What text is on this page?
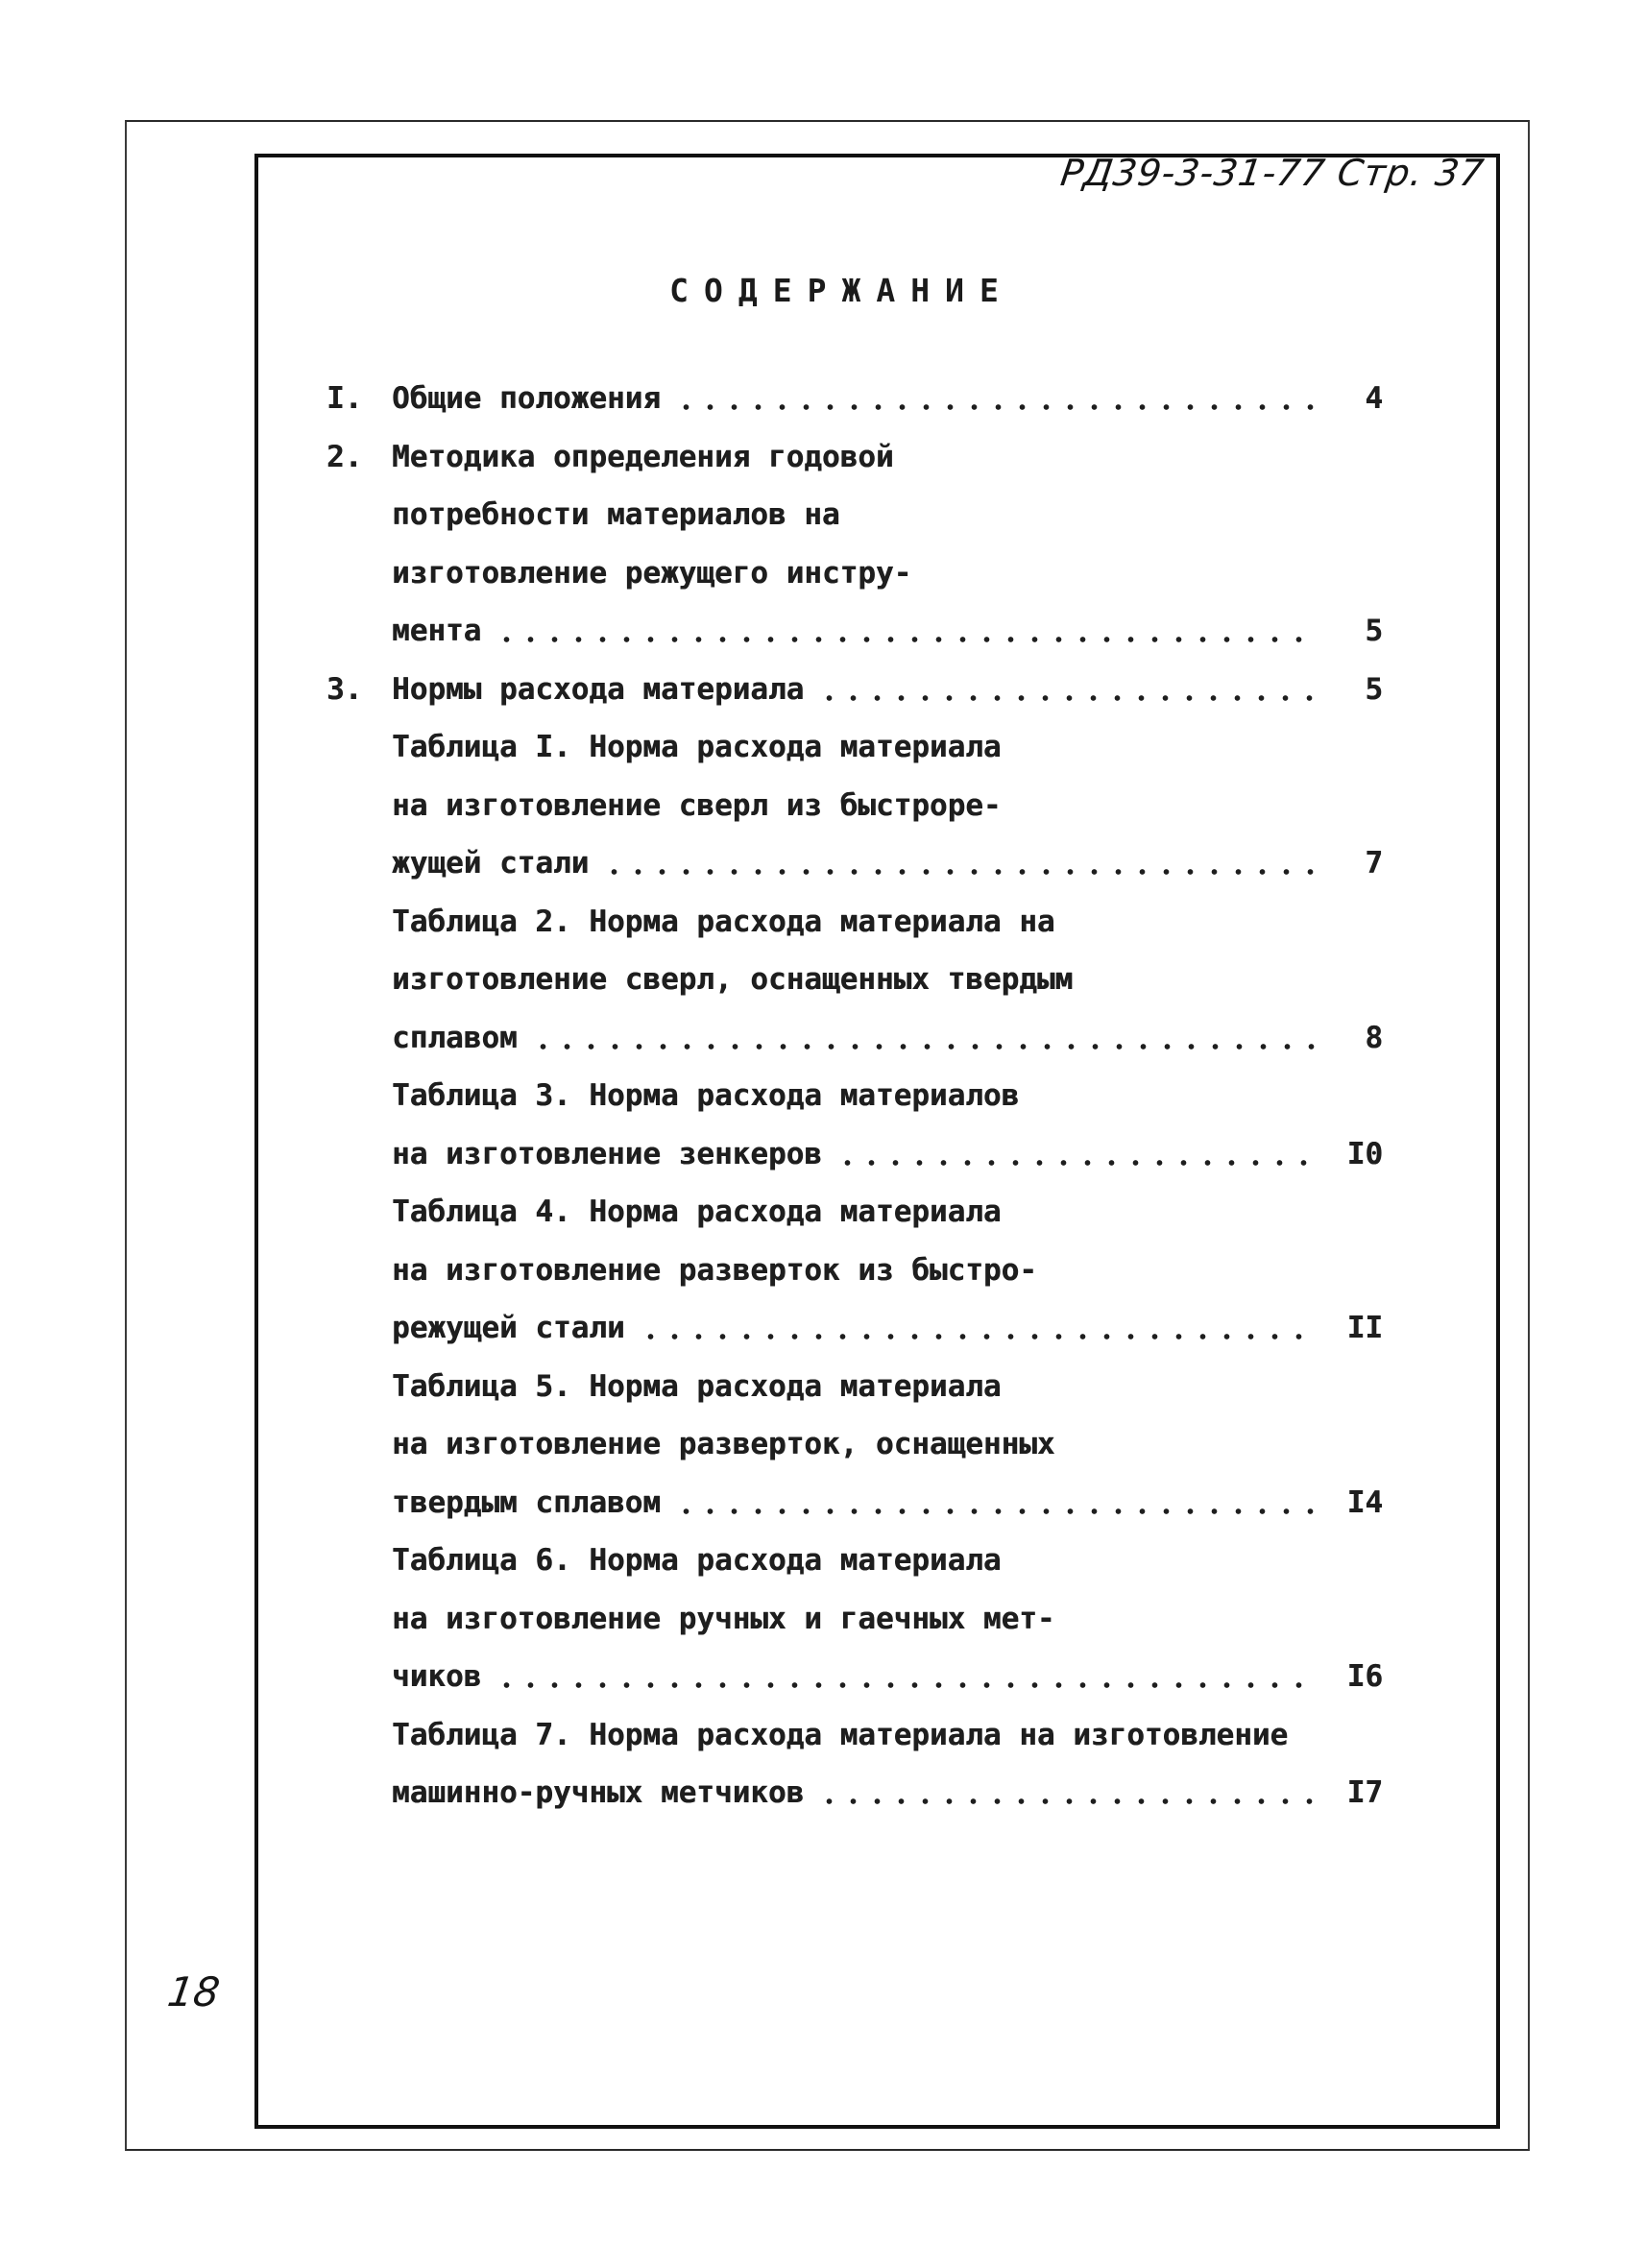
РД39-3-31-77 Стр. 37
СОДЕРЖАНИЕ
I. Общие положения	4
2. Методика определения годовой
потребности материалов на
изготовление режущего инстру-
мента	5
3. Нормы расхода материала	5
Таблица I. Норма расхода материала
на изготовление сверл из быстроре-
жущей стали	7
Таблица 2. Норма расхода материала на
изготовление сверл, оснащенных твердым
сплавом	8
Таблица 3. Норма расхода материалов
на изготовление зенкеров	I0
Таблица 4. Норма расхода материала
на изготовление разверток из быстро-
режущей стали	II
Таблица 5. Норма расхода материала
на изготовление разверток, оснащенных
твердым сплавом	I4
Таблица 6. Норма расхода материала
на изготовление ручных и гаечных мет-
чиков	I6
Таблица 7. Норма расхода материала на изготовление
машинно-ручных метчиков	I7
18
